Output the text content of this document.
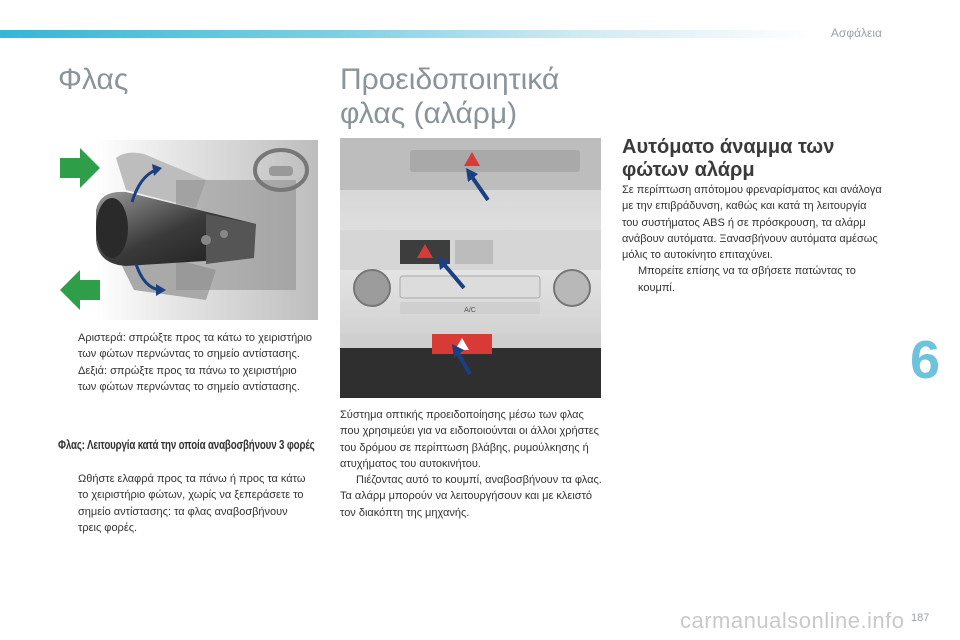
Ασφάλεια
Φλας
Αριστερά: σπρώξτε προς τα κάτω το χειριστήριο των φώτων περνώντας το σημείο αντίστασης.
Δεξιά: σπρώξτε προς τα πάνω το χειριστήριο των φώτων περνώντας το σημείο αντίστασης.
Φλας: Λειτουργία κατά την οποία αναβοσβήνουν 3 φορές
Ωθήστε ελαφρά προς τα πάνω ή προς τα κάτω το χειριστήριο φώτων, χωρίς να ξεπεράσετε το σημείο αντίστασης: τα φλας αναβοσβήνουν τρεις φορές.
Προειδοποιητικά
φλας (αλάρμ)
A/C
Σύστημα οπτικής προειδοποίησης μέσω των φλας που χρησιμεύει για να ειδοποιούνται οι άλλοι χρήστες του δρόμου σε περίπτωση βλάβης, ρυμούλκησης ή ατυχήματος του αυτοκινήτου.
Πιέζοντας αυτό το κουμπί, αναβοσβήνουν τα φλας.
Τα αλάρμ μπορούν να λειτουργήσουν και με κλειστό τον διακόπτη της μηχανής.
Αυτόματο άναμμα των
φώτων αλάρμ
Σε περίπτωση απότομου φρεναρίσματος και ανάλογα με την επιβράδυνση, καθώς και κατά τη λειτουργία του συστήματος ABS ή σε πρόσκρουση, τα αλάρμ ανάβουν αυτόματα. Ξανασβήνουν αυτόματα αμέσως μόλις το αυτοκίνητο επιταχύνει.
Μπορείτε επίσης να τα σβήσετε πατώντας το κουμπί.
6
carmanualsonline.info 187
